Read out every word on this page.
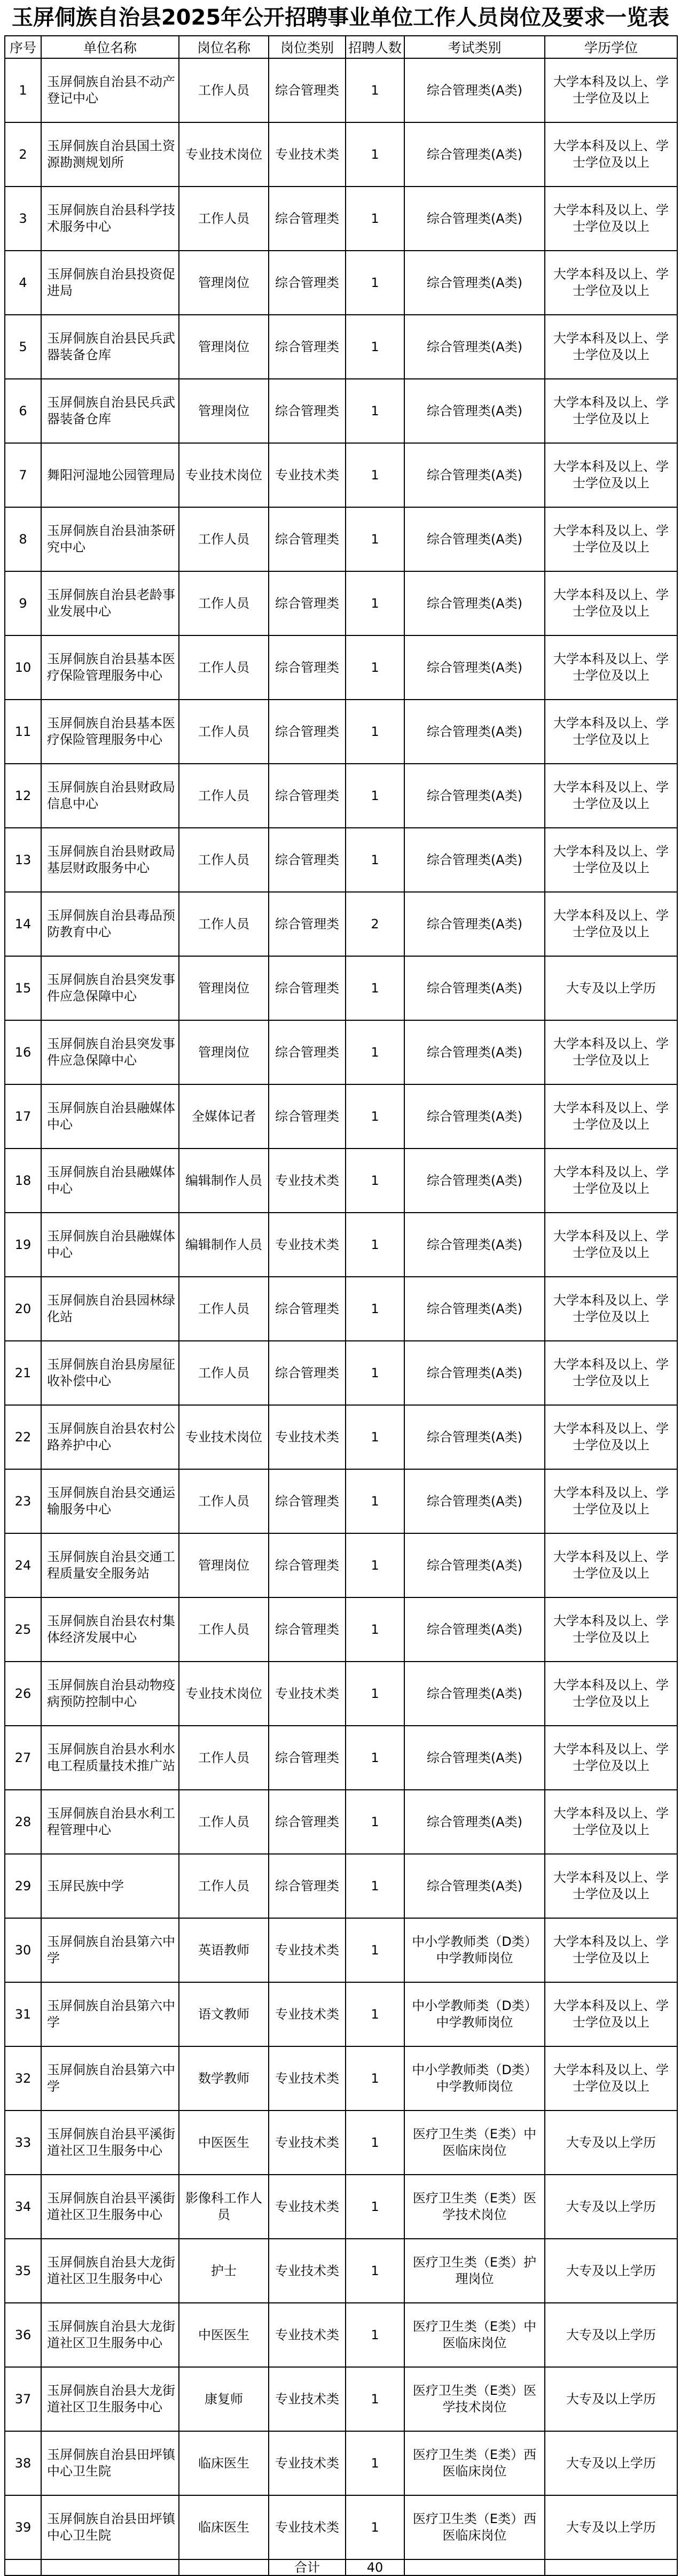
玉屏侗族自治县2025年公开招聘事业单位工作人员岗位及要求一览表
序号	单位名称	岗位名称	岗位类别	招聘人数	考试类别	学历学位
1	玉屏侗族自治县不动产登记中心	工作人员	综合管理类	1	综合管理类(A类)	大学本科及以上、学士学位及以上
2	玉屏侗族自治县国土资源勘测规划所	专业技术岗位	专业技术类	1	综合管理类(A类)	大学本科及以上、学士学位及以上
3	玉屏侗族自治县科学技术服务中心	工作人员	综合管理类	1	综合管理类(A类)	大学本科及以上、学士学位及以上
4	玉屏侗族自治县投资促进局	管理岗位	综合管理类	1	综合管理类(A类)	大学本科及以上、学士学位及以上
5	玉屏侗族自治县民兵武器装备仓库	管理岗位	综合管理类	1	综合管理类(A类)	大学本科及以上、学士学位及以上
6	玉屏侗族自治县民兵武器装备仓库	管理岗位	综合管理类	1	综合管理类(A类)	大学本科及以上、学士学位及以上
7	舞阳河湿地公园管理局	专业技术岗位	专业技术类	1	综合管理类(A类)	大学本科及以上、学士学位及以上
8	玉屏侗族自治县油茶研究中心	工作人员	综合管理类	1	综合管理类(A类)	大学本科及以上、学士学位及以上
9	玉屏侗族自治县老龄事业发展中心	工作人员	综合管理类	1	综合管理类(A类)	大学本科及以上、学士学位及以上
10	玉屏侗族自治县基本医疗保险管理服务中心	工作人员	综合管理类	1	综合管理类(A类)	大学本科及以上、学士学位及以上
11	玉屏侗族自治县基本医疗保险管理服务中心	工作人员	综合管理类	1	综合管理类(A类)	大学本科及以上、学士学位及以上
12	玉屏侗族自治县财政局信息中心	工作人员	综合管理类	1	综合管理类(A类)	大学本科及以上、学士学位及以上
13	玉屏侗族自治县财政局基层财政服务中心	工作人员	综合管理类	1	综合管理类(A类)	大学本科及以上、学士学位及以上
14	玉屏侗族自治县毒品预防教育中心	工作人员	综合管理类	2	综合管理类(A类)	大学本科及以上、学士学位及以上
15	玉屏侗族自治县突发事件应急保障中心	管理岗位	综合管理类	1	综合管理类(A类)	大专及以上学历
16	玉屏侗族自治县突发事件应急保障中心	管理岗位	综合管理类	1	综合管理类(A类)	大学本科及以上、学士学位及以上
17	玉屏侗族自治县融媒体中心	全媒体记者	综合管理类	1	综合管理类(A类)	大学本科及以上、学士学位及以上
18	玉屏侗族自治县融媒体中心	编辑制作人员	专业技术类	1	综合管理类(A类)	大学本科及以上、学士学位及以上
19	玉屏侗族自治县融媒体中心	编辑制作人员	专业技术类	1	综合管理类(A类)	大学本科及以上、学士学位及以上
20	玉屏侗族自治县园林绿化站	工作人员	综合管理类	1	综合管理类(A类)	大学本科及以上、学士学位及以上
21	玉屏侗族自治县房屋征收补偿中心	工作人员	综合管理类	1	综合管理类(A类)	大学本科及以上、学士学位及以上
22	玉屏侗族自治县农村公路养护中心	专业技术岗位	专业技术类	1	综合管理类(A类)	大学本科及以上、学士学位及以上
23	玉屏侗族自治县交通运输服务中心	工作人员	综合管理类	1	综合管理类(A类)	大学本科及以上、学士学位及以上
24	玉屏侗族自治县交通工程质量安全服务站	管理岗位	综合管理类	1	综合管理类(A类)	大学本科及以上、学士学位及以上
25	玉屏侗族自治县农村集体经济发展中心	工作人员	综合管理类	1	综合管理类(A类)	大学本科及以上、学士学位及以上
26	玉屏侗族自治县动物疫病预防控制中心	专业技术岗位	专业技术类	1	综合管理类(A类)	大学本科及以上、学士学位及以上
27	玉屏侗族自治县水利水电工程质量技术推广站	工作人员	综合管理类	1	综合管理类(A类)	大学本科及以上、学士学位及以上
28	玉屏侗族自治县水利工程管理中心	工作人员	综合管理类	1	综合管理类(A类)	大学本科及以上、学士学位及以上
29	玉屏民族中学	工作人员	综合管理类	1	综合管理类(A类)	大学本科及以上、学士学位及以上
30	玉屏侗族自治县第六中学	英语教师	专业技术类	1	中小学教师类（D类）中学教师岗位	大学本科及以上、学士学位及以上
31	玉屏侗族自治县第六中学	语文教师	专业技术类	1	中小学教师类（D类）中学教师岗位	大学本科及以上、学士学位及以上
32	玉屏侗族自治县第六中学	数学教师	专业技术类	1	中小学教师类（D类）中学教师岗位	大学本科及以上、学士学位及以上
33	玉屏侗族自治县平溪街道社区卫生服务中心	中医医生	专业技术类	1	医疗卫生类（E类）中医临床岗位	大专及以上学历
34	玉屏侗族自治县平溪街道社区卫生服务中心	影像科工作人员	专业技术类	1	医疗卫生类（E类）医学技术岗位	大专及以上学历
35	玉屏侗族自治县大龙街道社区卫生服务中心	护士	专业技术类	1	医疗卫生类（E类）护理岗位	大专及以上学历
36	玉屏侗族自治县大龙街道社区卫生服务中心	中医医生	专业技术类	1	医疗卫生类（E类）中医临床岗位	大专及以上学历
37	玉屏侗族自治县大龙街道社区卫生服务中心	康复师	专业技术类	1	医疗卫生类（E类）医学技术岗位	大专及以上学历
38	玉屏侗族自治县田坪镇中心卫生院	临床医生	专业技术类	1	医疗卫生类（E类）西医临床岗位	大专及以上学历
39	玉屏侗族自治县田坪镇中心卫生院	临床医生	专业技术类	1	医疗卫生类（E类）西医临床岗位	大专及以上学历
			合计	40		
